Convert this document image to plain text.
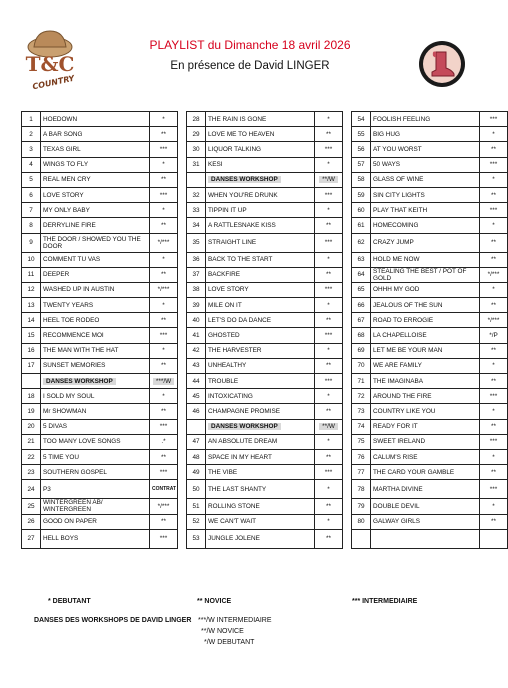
T&C
COUNTRY
PLAYLIST du Dimanche 18 avril 2026
En présence de David LINGER
1	HOEDOWN	*		28	THE RAIN IS GONE	*		54	FOOLISH FEELING	***
2	A BAR SONG	**		29	LOVE ME TO HEAVEN	**		55	BIG HUG	*
3	TEXAS GIRL	***		30	LIQUOR TALKING	***		56	AT YOU WORST	**
4	WINGS TO FLY	*		31	KESI	*		57	50 WAYS	***
5	REAL MEN CRY	**			DANSES WORKSHOP	**/W		58	GLASS OF WINE	*
6	LOVE STORY	***		32	WHEN YOU'RE DRUNK	***		59	SIN CITY LIGHTS	**
7	MY ONLY BABY	*		33	TIPPIN IT UP	*		60	PLAY THAT KEITH	***
8	DERRYLINE FIRE	**		34	A RATTLESNAKE KISS	**		61	HOMECOMING	*
9	THE DOOR / SHOWED YOU THE DOOR	*/***		35	STRAIGHT LINE	***		62	CRAZY JUMP	**
10	COMMENT TU VAS	*		36	BACK TO THE START	*		63	HOLD ME NOW	**
11	DEEPER	**		37	BACKFIRE	**		64	STEALING THE BEST / POT OF GOLD	*/***
12	WASHED UP IN AUSTIN	*/***		38	LOVE STORY	***		65	OHHH MY GOD	*
13	TWENTY YEARS	*		39	MILE ON IT	*		66	JEALOUS OF THE SUN	**
14	HEEL TOE RODEO	**		40	LET'S DO DA DANCE	**		67	ROAD TO ERROGIE	*/***
15	RECOMMENCE MOI	***		41	GHOSTED	***		68	LA CHAPELLOISE	*/P
16	THE MAN WITH THE HAT	*		42	THE HARVESTER	*		69	LET ME BE YOUR MAN	**
17	SUNSET MEMORIES	**		43	UNHEALTHY	**		70	WE ARE FAMILY	*
	DANSES WORKSHOP	***/W		44	TROUBLE	***		71	THE IMAGINABA	**
18	I SOLD MY SOUL	*		45	INTOXICATING	*		72	AROUND THE FIRE	***
19	Mr SHOWMAN	**		46	CHAMPAGNE PROMISE	**		73	COUNTRY LIKE YOU	*
20	5 DIVAS	***			DANSES WORKSHOP	**/W		74	READY FOR IT	**
21	TOO MANY LOVE SONGS	.*		47	AN ABSOLUTE DREAM	*		75	SWEET IRELAND	***
22	5 TIME YOU	**		48	SPACE IN MY HEART	**		76	CALUM'S RISE	*
23	SOUTHERN GOSPEL	***		49	THE VIBE	***		77	THE CARD YOUR GAMBLE	**
24	P3	CONTRAT		50	THE LAST SHANTY	*		78	MARTHA DIVINE	***
25	WINTERGREEN AB/ WINTERGREEN	*/***		51	ROLLING STONE	**		79	DOUBLE DEVIL	*
26	GOOD ON PAPER	**		52	WE CAN'T WAIT	*		80	GALWAY GIRLS	**
27	HELL BOYS	***		53	JUNGLE JOLENE	**				
* DEBUTANT	** NOVICE	*** INTERMEDIAIRE
DANSES DES WORKSHOPS DE DAVID LINGER ***/W INTERMEDIAIRE
**/W NOVICE
*/W DEBUTANT
